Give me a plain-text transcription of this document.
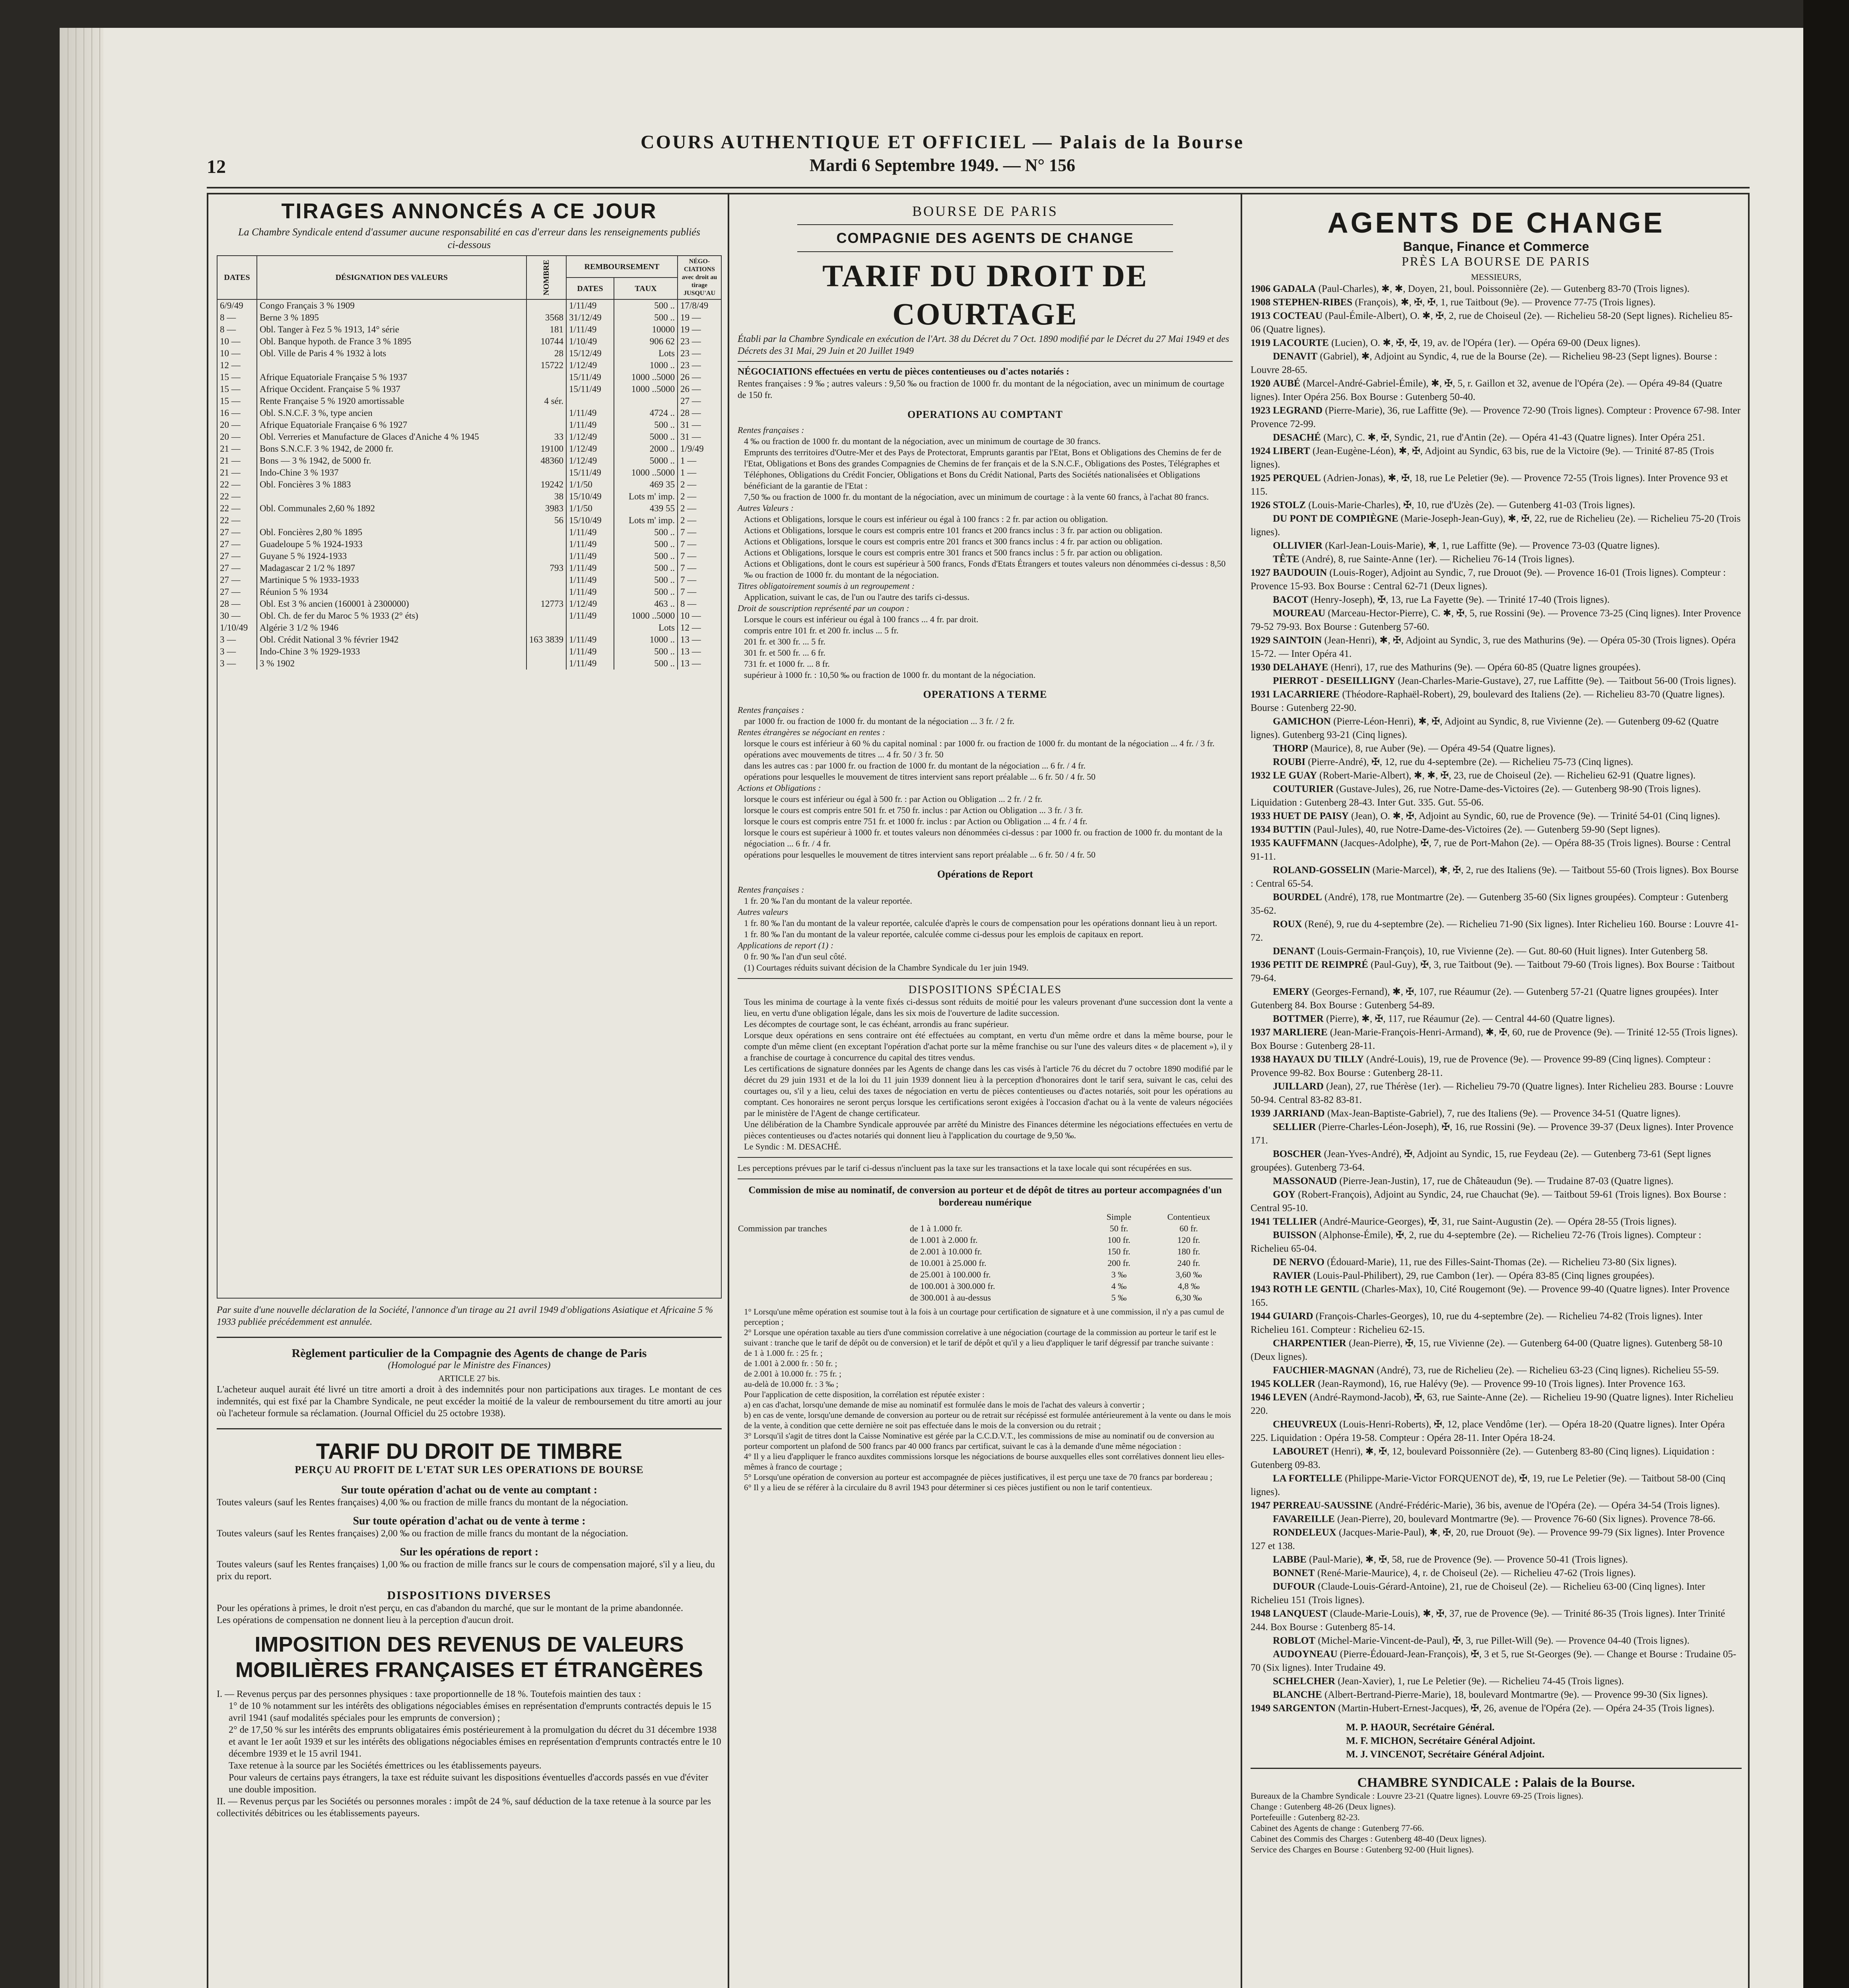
12
COURS AUTHENTIQUE ET OFFICIEL — Palais de la Bourse
Mardi 6 Septembre 1949. — N° 156
TIRAGES ANNONCÉS A CE JOUR
La Chambre Syndicale entend d'assumer aucune responsabilité en cas d'erreur dans les renseignements publiés ci-dessous
DATES	DÉSIGNATION DES VALEURS	NOMBRE	REMBOURSEMENT		NÉGO-CIATIONS avec droit au tirage JUSQU'AU
			DATES	TAUX	
6/9/49	Congo Français 3 % 1909		1/11/49	500 ..	17/8/49
8 —	Berne 3 % 1895	3568	31/12/49	500 ..	19 —
8 —	Obl. Tanger à Fez 5 % 1913, 14° série	181	1/11/49	10000	19 —
10 —	Obl. Banque hypoth. de France 3 % 1895	10744	1/10/49	906 62	23 —
10 —	Obl. Ville de Paris 4 % 1932 à lots	28	15/12/49	Lots	23 —
12 —		15722	1/12/49	1000 ..	23 —
15 —	Afrique Equatoriale Française 5 % 1937		15/11/49	1000 ..5000	26 —
15 —	Afrique Occident. Française 5 % 1937		15/11/49	1000 ..5000	26 —
15 —	Rente Française 5 % 1920 amortissable	4 sér.			27 —
16 —	Obl. S.N.C.F. 3 %, type ancien		1/11/49	4724 ..	28 —
20 —	Afrique Equatoriale Française 6 % 1927		1/11/49	500 ..	31 —
20 —	Obl. Verreries et Manufacture de Glaces d'Aniche 4 % 1945	33	1/12/49	5000 ..	31 —
21 —	Bons S.N.C.F. 3 % 1942, de 2000 fr.	19100	1/12/49	2000 ..	1/9/49
21 —	Bons — 3 % 1942, de 5000 fr.	48360	1/12/49	5000 ..	1 —
21 —	Indo-Chine 3 % 1937		15/11/49	1000 ..5000	1 —
22 —	Obl. Foncières 3 % 1883	19242	1/1/50	469 35	2 —
22 —		38	15/10/49	Lots m' imp.	2 —
22 —	Obl. Communales 2,60 % 1892	3983	1/1/50	439 55	2 —
22 —		56	15/10/49	Lots m' imp.	2 —
27 —	Obl. Foncières 2,80 % 1895		1/11/49	500 ..	7 —
27 —	Guadeloupe 5 % 1924-1933		1/11/49	500 ..	7 —
27 —	Guyane 5 % 1924-1933		1/11/49	500 ..	7 —
27 —	Madagascar 2 1/2 % 1897	793	1/11/49	500 ..	7 —
27 —	Martinique 5 % 1933-1933		1/11/49	500 ..	7 —
27 —	Réunion 5 % 1934		1/11/49	500 ..	7 —
28 —	Obl. Est 3 % ancien (160001 à 2300000)	12773	1/12/49	463 ..	8 —
30 —	Obl. Ch. de fer du Maroc 5 % 1933 (2° éts)		1/11/49	1000 ..5000	10 —
1/10/49	Algérie 3 1/2 % 1946			Lots	12 —
3 —	Obl. Crédit National 3 % février 1942	163 3839	1/11/49	1000 ..	13 —
3 —	Indo-Chine 3 % 1929-1933		1/11/49	500 ..	13 —
3 —	3 % 1902		1/11/49	500 ..	13 —
Par suite d'une nouvelle déclaration de la Société, l'annonce d'un tirage au 21 avril 1949 d'obligations Asiatique et Africaine 5 % 1933 publiée précédemment est annulée.
Règlement particulier de la Compagnie des Agents de change de Paris
(Homologué par le Ministre des Finances)
ARTICLE 27 bis.
L'acheteur auquel aurait été livré un titre amorti a droit à des indemnités pour non participations aux tirages. Le montant de ces indemnités, qui est fixé par la Chambre Syndicale, ne peut excéder la moitié de la valeur de remboursement du titre amorti au jour où l'acheteur formule sa réclamation. (Journal Officiel du 25 octobre 1938).
TARIF DU DROIT DE TIMBRE
PERÇU AU PROFIT DE L'ETAT SUR LES OPERATIONS DE BOURSE
Sur toute opération d'achat ou de vente au comptant :
Toutes valeurs (sauf les Rentes françaises) 4,00 ‰ ou fraction de mille francs du montant de la négociation.
Sur toute opération d'achat ou de vente à terme :
Toutes valeurs (sauf les Rentes françaises) 2,00 ‰ ou fraction de mille francs du montant de la négociation.
Sur les opérations de report :
Toutes valeurs (sauf les Rentes françaises) 1,00 ‰ ou fraction de mille francs sur le cours de compensation majoré, s'il y a lieu, du prix du report.
DISPOSITIONS DIVERSES
Pour les opérations à primes, le droit n'est perçu, en cas d'abandon du marché, que sur le montant de la prime abandonnée.
Les opérations de compensation ne donnent lieu à la perception d'aucun droit.
IMPOSITION DES REVENUS DE VALEURS MOBILIÈRES FRANÇAISES ET ÉTRANGÈRES
I. — Revenus perçus par des personnes physiques : taxe proportionnelle de 18 %. Toutefois maintien des taux :
1° de 10 % notamment sur les intérêts des obligations négociables émises en représentation d'emprunts contractés depuis le 15 avril 1941 (sauf modalités spéciales pour les emprunts de conversion) ;
2° de 17,50 % sur les intérêts des emprunts obligataires émis postérieurement à la promulgation du décret du 31 décembre 1938 et avant le 1er août 1939 et sur les intérêts des obligations négociables émises en représentation d'emprunts contractés entre le 10 décembre 1939 et le 15 avril 1941.
Taxe retenue à la source par les Sociétés émettrices ou les établissements payeurs.
Pour valeurs de certains pays étrangers, la taxe est réduite suivant les dispositions éventuelles d'accords passés en vue d'éviter une double imposition.
II. — Revenus perçus par les Sociétés ou personnes morales : impôt de 24 %, sauf déduction de la taxe retenue à la source par les collectivités débitrices ou les établissements payeurs.
BOURSE DE PARIS
COMPAGNIE DES AGENTS DE CHANGE
TARIF DU DROIT DE COURTAGE
Établi par la Chambre Syndicale en exécution de l'Art. 38 du Décret du 7 Oct. 1890 modifié par le Décret du 27 Mai 1949 et des Décrets des 31 Mai, 29 Juin et 20 Juillet 1949
NÉGOCIATIONS effectuées en vertu de pièces contentieuses ou d'actes notariés :
Rentes françaises : 9 ‰ ; autres valeurs : 9,50 ‰ ou fraction de 1000 fr. du montant de la négociation, avec un minimum de courtage de 150 fr.
OPERATIONS AU COMPTANT
Rentes françaises :
4 ‰ ou fraction de 1000 fr. du montant de la négociation, avec un minimum de courtage de 30 francs.
Emprunts des territoires d'Outre-Mer et des Pays de Protectorat, Emprunts garantis par l'Etat, Bons et Obligations des Chemins de fer de l'Etat, Obligations et Bons des grandes Compagnies de Chemins de fer français et de la S.N.C.F., Obligations des Postes, Télégraphes et Téléphones, Obligations du Crédit Foncier, Obligations et Bons du Crédit National, Parts des Sociétés nationalisées et Obligations bénéficiant de la garantie de l'Etat :
7,50 ‰ ou fraction de 1000 fr. du montant de la négociation, avec un minimum de courtage : à la vente 60 francs, à l'achat 80 francs.
Autres Valeurs :
Actions et Obligations, lorsque le cours est inférieur ou égal à 100 francs : 2 fr. par action ou obligation.
Actions et Obligations, lorsque le cours est compris entre 101 francs et 200 francs inclus : 3 fr. par action ou obligation.
Actions et Obligations, lorsque le cours est compris entre 201 francs et 300 francs inclus : 4 fr. par action ou obligation.
Actions et Obligations, lorsque le cours est compris entre 301 francs et 500 francs inclus : 5 fr. par action ou obligation.
Actions et Obligations, dont le cours est supérieur à 500 francs, Fonds d'Etats Étrangers et toutes valeurs non dénommées ci-dessus : 8,50 ‰ ou fraction de 1000 fr. du montant de la négociation.
Titres obligatoirement soumis à un regroupement :
Application, suivant le cas, de l'un ou l'autre des tarifs ci-dessus.
Droit de souscription représenté par un coupon :
Lorsque le cours est inférieur ou égal à 100 francs ... 4 fr. par droit.
compris entre 101 fr. et 200 fr. inclus ... 5 fr.
201 fr. et 300 fr. ... 5 fr.
301 fr. et 500 fr. ... 6 fr.
731 fr. et 1000 fr. ... 8 fr.
supérieur à 1000 fr. : 10,50 ‰ ou fraction de 1000 fr. du montant de la négociation.
OPERATIONS A TERME
Rentes françaises :
par 1000 fr. ou fraction de 1000 fr. du montant de la négociation ... 3 fr. / 2 fr.
Rentes étrangères se négociant en rentes :
lorsque le cours est inférieur à 60 % du capital nominal : par 1000 fr. ou fraction de 1000 fr. du montant de la négociation ... 4 fr. / 3 fr.
opérations avec mouvements de titres ... 4 fr. 50 / 3 fr. 50
dans les autres cas : par 1000 fr. ou fraction de 1000 fr. du montant de la négociation ... 6 fr. / 4 fr.
opérations pour lesquelles le mouvement de titres intervient sans report préalable ... 6 fr. 50 / 4 fr. 50
Actions et Obligations :
lorsque le cours est inférieur ou égal à 500 fr. : par Action ou Obligation ... 2 fr. / 2 fr.
lorsque le cours est compris entre 501 fr. et 750 fr. inclus : par Action ou Obligation ... 3 fr. / 3 fr.
lorsque le cours est compris entre 751 fr. et 1000 fr. inclus : par Action ou Obligation ... 4 fr. / 4 fr.
lorsque le cours est supérieur à 1000 fr. et toutes valeurs non dénommées ci-dessus : par 1000 fr. ou fraction de 1000 fr. du montant de la négociation ... 6 fr. / 4 fr.
opérations pour lesquelles le mouvement de titres intervient sans report préalable ... 6 fr. 50 / 4 fr. 50
Opérations de Report
Rentes françaises :
1 fr. 20 ‰ l'an du montant de la valeur reportée.
Autres valeurs
1 fr. 80 ‰ l'an du montant de la valeur reportée, calculée d'après le cours de compensation pour les opérations donnant lieu à un report.
1 fr. 80 ‰ l'an du montant de la valeur reportée, calculée comme ci-dessus pour les emplois de capitaux en report.
Applications de report (1) :
0 fr. 90 ‰ l'an d'un seul côté.
(1) Courtages réduits suivant décision de la Chambre Syndicale du 1er juin 1949.
DISPOSITIONS SPÉCIALES
Tous les minima de courtage à la vente fixés ci-dessus sont réduits de moitié pour les valeurs provenant d'une succession dont la vente a lieu, en vertu d'une obligation légale, dans les six mois de l'ouverture de ladite succession.
Les décomptes de courtage sont, le cas échéant, arrondis au franc supérieur.
Lorsque deux opérations en sens contraire ont été effectuées au comptant, en vertu d'un même ordre et dans la même bourse, pour le compte d'un même client (en exceptant l'opération d'achat porte sur la même franchise ou sur l'une des valeurs dites « de placement »), il y a franchise de courtage à concurrence du capital des titres vendus.
Les certifications de signature données par les Agents de change dans les cas visés à l'article 76 du décret du 7 octobre 1890 modifié par le décret du 29 juin 1931 et de la loi du 11 juin 1939 donnent lieu à la perception d'honoraires dont le tarif sera, suivant le cas, celui des courtages ou, s'il y a lieu, celui des taxes de négociation en vertu de pièces contentieuses ou d'actes notariés, soit pour les opérations au comptant. Ces honoraires ne seront perçus lorsque les certifications seront exigées à l'occasion d'achat ou à la vente de valeurs négociées par le ministère de l'Agent de change certificateur.
Une délibération de la Chambre Syndicale approuvée par arrêté du Ministre des Finances détermine les négociations effectuées en vertu de pièces contentieuses ou d'actes notariés qui donnent lieu à l'application du courtage de 9,50 ‰.
Le Syndic : M. DESACHÉ.
Les perceptions prévues par le tarif ci-dessus n'incluent pas la taxe sur les transactions et la taxe locale qui sont récupérées en sus.
Commission de mise au nominatif, de conversion au porteur et de dépôt de titres au porteur accompagnées d'un bordereau numérique
		Simple	Contentieux
Commission par tranches	de 1 à 1.000 fr.	50 fr.	60 fr.
	de 1.001 à 2.000 fr.	100 fr.	120 fr.
	de 2.001 à 10.000 fr.	150 fr.	180 fr.
	de 10.001 à 25.000 fr.	200 fr.	240 fr.
	de 25.001 à 100.000 fr.	3 ‰	3,60 ‰
	de 100.001 à 300.000 fr.	4 ‰	4,8 ‰
	de 300.001 à au-dessus	5 ‰	6,30 ‰
1° Lorsqu'une même opération est soumise tout à la fois à un courtage pour certification de signature et à une commission, il n'y a pas cumul de perception ;
2° Lorsque une opération taxable au tiers d'une commission correlative à une négociation (courtage de la commission au porteur le tarif est le suivant : tranche que le tarif de dépôt ou de conversion) et le tarif de dépôt et qu'il y a lieu d'appliquer le tarif dégressif par tranche suivante :
de 1 à 1.000 fr. : 25 fr. ;
de 1.001 à 2.000 fr. : 50 fr. ;
de 2.001 à 10.000 fr. : 75 fr. ;
au-delà de 10.000 fr. : 3 ‰ ;
Pour l'application de cette disposition, la corrélation est réputée exister :
a) en cas d'achat, lorsqu'une demande de mise au nominatif est formulée dans le mois de l'achat des valeurs à convertir ;
b) en cas de vente, lorsqu'une demande de conversion au porteur ou de retrait sur récépissé est formulée antérieurement à la vente ou dans le mois de la vente, à condition que cette dernière ne soit pas effectuée dans le mois de la conversion ou du retrait ;
3° Lorsqu'il s'agit de titres dont la Caisse Nominative est gérée par la C.C.D.V.T., les commissions de mise au nominatif ou de conversion au porteur comportent un plafond de 500 francs par 40 000 francs par certificat, suivant le cas à la demande d'une même négociation :
4° Il y a lieu d'appliquer le franco auxdites commissions lorsque les négociations de bourse auxquelles elles sont corrélatives donnent lieu elles-mêmes à franco de courtage ;
5° Lorsqu'une opération de conversion au porteur est accompagnée de pièces justificatives, il est perçu une taxe de 70 francs par bordereau ;
6° Il y a lieu de se référer à la circulaire du 8 avril 1943 pour déterminer si ces pièces justifient ou non le tarif contentieux.
AGENTS DE CHANGE
Banque, Finance et Commerce
PRÈS LA BOURSE DE PARIS
MESSIEURS,

1906 GADALA (Paul-Charles), ✱, ✱, Doyen, 21, boul. Poissonnière (2e). — Gutenberg 83-70 (Trois lignes).

1908 STEPHEN-RIBES (François), ✱, ✠, ✠, 1, rue Taitbout (9e). — Provence 77-75 (Trois lignes).

1913 COCTEAU (Paul-Émile-Albert), O. ✱, ✠, 2, rue de Choiseul (2e). — Richelieu 58-20 (Sept lignes). Richelieu 85-06 (Quatre lignes).

1919 LACOURTE (Lucien), O. ✱, ✠, ✠, 19, av. de l'Opéra (1er). — Opéra 69-00 (Deux lignes).

DENAVIT (Gabriel), ✱, Adjoint au Syndic, 4, rue de la Bourse (2e). — Richelieu 98-23 (Sept lignes). Bourse : Louvre 28-65.

1920 AUBÉ (Marcel-André-Gabriel-Émile), ✱, ✠, 5, r. Gaillon et 32, avenue de l'Opéra (2e). — Opéra 49-84 (Quatre lignes). Inter Opéra 256. Box Bourse : Gutenberg 50-40.

1923 LEGRAND (Pierre-Marie), 36, rue Laffitte (9e). — Provence 72-90 (Trois lignes). Compteur : Provence 67-98. Inter Provence 72-99.

DESACHÉ (Marc), C. ✱, ✠, Syndic, 21, rue d'Antin (2e). — Opéra 41-43 (Quatre lignes). Inter Opéra 251.

1924 LIBERT (Jean-Eugène-Léon), ✱, ✠, Adjoint au Syndic, 63 bis, rue de la Victoire (9e). — Trinité 87-85 (Trois lignes).

1925 PERQUEL (Adrien-Jonas), ✱, ✠, 18, rue Le Peletier (9e). — Provence 72-55 (Trois lignes). Inter Provence 93 et 115.

1926 STOLZ (Louis-Marie-Charles), ✠, 10, rue d'Uzès (2e). — Gutenberg 41-03 (Trois lignes).

DU PONT DE COMPIÈGNE (Marie-Joseph-Jean-Guy), ✱, ✠, 22, rue de Richelieu (2e). — Richelieu 75-20 (Trois lignes).

OLLIVIER (Karl-Jean-Louis-Marie), ✱, 1, rue Laffitte (9e). — Provence 73-03 (Quatre lignes).

TÊTE (André), 8, rue Sainte-Anne (1er). — Richelieu 76-14 (Trois lignes).

1927 BAUDOUIN (Louis-Roger), Adjoint au Syndic, 7, rue Drouot (9e). — Provence 16-01 (Trois lignes). Compteur : Provence 15-93. Box Bourse : Central 62-71 (Deux lignes).

BACOT (Henry-Joseph), ✠, 13, rue La Fayette (9e). — Trinité 17-40 (Trois lignes).

MOUREAU (Marceau-Hector-Pierre), C. ✱, ✠, 5, rue Rossini (9e). — Provence 73-25 (Cinq lignes). Inter Provence 79-52 79-93. Box Bourse : Gutenberg 57-60.

1929 SAINTOIN (Jean-Henri), ✱, ✠, Adjoint au Syndic, 3, rue des Mathurins (9e). — Opéra 05-30 (Trois lignes). Opéra 15-72. — Inter Opéra 41.

1930 DELAHAYE (Henri), 17, rue des Mathurins (9e). — Opéra 60-85 (Quatre lignes groupées).

PIERROT - DESEILLIGNY (Jean-Charles-Marie-Gustave), 27, rue Laffitte (9e). — Taitbout 56-00 (Trois lignes).

1931 LACARRIERE (Théodore-Raphaël-Robert), 29, boulevard des Italiens (2e). — Richelieu 83-70 (Quatre lignes). Bourse : Gutenberg 22-90.

GAMICHON (Pierre-Léon-Henri), ✱, ✠, Adjoint au Syndic, 8, rue Vivienne (2e). — Gutenberg 09-62 (Quatre lignes). Gutenberg 93-21 (Cinq lignes).

THORP (Maurice), 8, rue Auber (9e). — Opéra 49-54 (Quatre lignes).

ROUBI (Pierre-André), ✠, 12, rue du 4-septembre (2e). — Richelieu 75-73 (Cinq lignes).

1932 LE GUAY (Robert-Marie-Albert), ✱, ✱, ✠, 23, rue de Choiseul (2e). — Richelieu 62-91 (Quatre lignes).

COUTURIER (Gustave-Jules), 26, rue Notre-Dame-des-Victoires (2e). — Gutenberg 98-90 (Trois lignes). Liquidation : Gutenberg 28-43. Inter Gut. 335. Gut. 55-06.

1933 HUET DE PAISY (Jean), O. ✱, ✠, Adjoint au Syndic, 60, rue de Provence (9e). — Trinité 54-01 (Cinq lignes).

1934 BUTTIN (Paul-Jules), 40, rue Notre-Dame-des-Victoires (2e). — Gutenberg 59-90 (Sept lignes).

1935 KAUFFMANN (Jacques-Adolphe), ✠, 7, rue de Port-Mahon (2e). — Opéra 88-35 (Trois lignes). Bourse : Central 91-11.

ROLAND-GOSSELIN (Marie-Marcel), ✱, ✠, 2, rue des Italiens (9e). — Taitbout 55-60 (Trois lignes). Box Bourse : Central 65-54.

BOURDEL (André), 178, rue Montmartre (2e). — Gutenberg 35-60 (Six lignes groupées). Compteur : Gutenberg 35-62.

ROUX (René), 9, rue du 4-septembre (2e). — Richelieu 71-90 (Six lignes). Inter Richelieu 160. Bourse : Louvre 41-72.

DENANT (Louis-Germain-François), 10, rue Vivienne (2e). — Gut. 80-60 (Huit lignes). Inter Gutenberg 58.

1936 PETIT DE REIMPRÉ (Paul-Guy), ✠, 3, rue Taitbout (9e). — Taitbout 79-60 (Trois lignes). Box Bourse : Taitbout 79-64.

EMERY (Georges-Fernand), ✱, ✠, 107, rue Réaumur (2e). — Gutenberg 57-21 (Quatre lignes groupées). Inter Gutenberg 84. Box Bourse : Gutenberg 54-89.

BOTTMER (Pierre), ✱, ✠, 117, rue Réaumur (2e). — Central 44-60 (Quatre lignes).

1937 MARLIERE (Jean-Marie-François-Henri-Armand), ✱, ✠, 60, rue de Provence (9e). — Trinité 12-55 (Trois lignes). Box Bourse : Gutenberg 28-11.

1938 HAYAUX DU TILLY (André-Louis), 19, rue de Provence (9e). — Provence 99-89 (Cinq lignes). Compteur : Provence 99-82. Box Bourse : Gutenberg 28-11.

JUILLARD (Jean), 27, rue Thérèse (1er). — Richelieu 79-70 (Quatre lignes). Inter Richelieu 283. Bourse : Louvre 50-94. Central 83-82 83-81.

1939 JARRIAND (Max-Jean-Baptiste-Gabriel), 7, rue des Italiens (9e). — Provence 34-51 (Quatre lignes).

SELLIER (Pierre-Charles-Léon-Joseph), ✠, 16, rue Rossini (9e). — Provence 39-37 (Deux lignes). Inter Provence 171.

BOSCHER (Jean-Yves-André), ✠, Adjoint au Syndic, 15, rue Feydeau (2e). — Gutenberg 73-61 (Sept lignes groupées). Gutenberg 73-64.

MASSONAUD (Pierre-Jean-Justin), 17, rue de Châteaudun (9e). — Trudaine 87-03 (Quatre lignes).

GOY (Robert-François), Adjoint au Syndic, 24, rue Chauchat (9e). — Taitbout 59-61 (Trois lignes). Box Bourse : Central 95-10.

1941 TELLIER (André-Maurice-Georges), ✠, 31, rue Saint-Augustin (2e). — Opéra 28-55 (Trois lignes).

BUISSON (Alphonse-Émile), ✠, 2, rue du 4-septembre (2e). — Richelieu 72-76 (Trois lignes). Compteur : Richelieu 65-04.

DE NERVO (Édouard-Marie), 11, rue des Filles-Saint-Thomas (2e). — Richelieu 73-80 (Six lignes).

RAVIER (Louis-Paul-Philibert), 29, rue Cambon (1er). — Opéra 83-85 (Cinq lignes groupées).

1943 ROTH LE GENTIL (Charles-Max), 10, Cité Rougemont (9e). — Provence 99-40 (Quatre lignes). Inter Provence 165.

1944 GUIARD (François-Charles-Georges), 10, rue du 4-septembre (2e). — Richelieu 74-82 (Trois lignes). Inter Richelieu 161. Compteur : Richelieu 62-15.

CHARPENTIER (Jean-Pierre), ✠, 15, rue Vivienne (2e). — Gutenberg 64-00 (Quatre lignes). Gutenberg 58-10 (Deux lignes).

FAUCHIER-MAGNAN (André), 73, rue de Richelieu (2e). — Richelieu 63-23 (Cinq lignes). Richelieu 55-59.

1945 KOLLER (Jean-Raymond), 16, rue Halévy (9e). — Provence 99-10 (Trois lignes). Inter Provence 163.

1946 LEVEN (André-Raymond-Jacob), ✠, 63, rue Sainte-Anne (2e). — Richelieu 19-90 (Quatre lignes). Inter Richelieu 220.

CHEUVREUX (Louis-Henri-Roberts), ✠, 12, place Vendôme (1er). — Opéra 18-20 (Quatre lignes). Inter Opéra 225. Liquidation : Opéra 19-58. Compteur : Opéra 28-11. Inter Opéra 18-24.

LABOURET (Henri), ✱, ✠, 12, boulevard Poissonnière (2e). — Gutenberg 83-80 (Cinq lignes). Liquidation : Gutenberg 09-83.

LA FORTELLE (Philippe-Marie-Victor FORQUENOT de), ✠, 19, rue Le Peletier (9e). — Taitbout 58-00 (Cinq lignes).

1947 PERREAU-SAUSSINE (André-Frédéric-Marie), 36 bis, avenue de l'Opéra (2e). — Opéra 34-54 (Trois lignes).

FAVAREILLE (Jean-Pierre), 20, boulevard Montmartre (9e). — Provence 76-60 (Six lignes). Provence 78-66.

RONDELEUX (Jacques-Marie-Paul), ✱, ✠, 20, rue Drouot (9e). — Provence 99-79 (Six lignes). Inter Provence 127 et 138.

LABBE (Paul-Marie), ✱, ✠, 58, rue de Provence (9e). — Provence 50-41 (Trois lignes).

BONNET (René-Marie-Maurice), 4, r. de Choiseul (2e). — Richelieu 47-62 (Trois lignes).

DUFOUR (Claude-Louis-Gérard-Antoine), 21, rue de Choiseul (2e). — Richelieu 63-00 (Cinq lignes). Inter Richelieu 151 (Trois lignes).

1948 LANQUEST (Claude-Marie-Louis), ✱, ✠, 37, rue de Provence (9e). — Trinité 86-35 (Trois lignes). Inter Trinité 244. Box Bourse : Gutenberg 85-14.

ROBLOT (Michel-Marie-Vincent-de-Paul), ✠, 3, rue Pillet-Will (9e). — Provence 04-40 (Trois lignes).

AUDOYNEAU (Pierre-Édouard-Jean-François), ✠, 3 et 5, rue St-Georges (9e). — Change et Bourse : Trudaine 05-70 (Six lignes). Inter Trudaine 49.

SCHELCHER (Jean-Xavier), 1, rue Le Peletier (9e). — Richelieu 74-45 (Trois lignes).

BLANCHE (Albert-Bertrand-Pierre-Marie), 18, boulevard Montmartre (9e). — Provence 99-30 (Six lignes).

1949 SARGENTON (Martin-Hubert-Ernest-Jacques), ✠, 26, avenue de l'Opéra (2e). — Opéra 24-35 (Trois lignes).

M. P. HAOUR, Secrétaire Général.
M. F. MICHON, Secrétaire Général Adjoint.
M. J. VINCENOT, Secrétaire Général Adjoint.
CHAMBRE SYNDICALE : Palais de la Bourse.
Bureaux de la Chambre Syndicale : Louvre 23-21 (Quatre lignes). Louvre 69-25 (Trois lignes).
Change : Gutenberg 48-26 (Deux lignes).
Portefeuille : Gutenberg 82-23.
Cabinet des Agents de change : Gutenberg 77-66.
Cabinet des Commis des Charges : Gutenberg 48-40 (Deux lignes).
Service des Charges en Bourse : Gutenberg 92-00 (Huit lignes).
